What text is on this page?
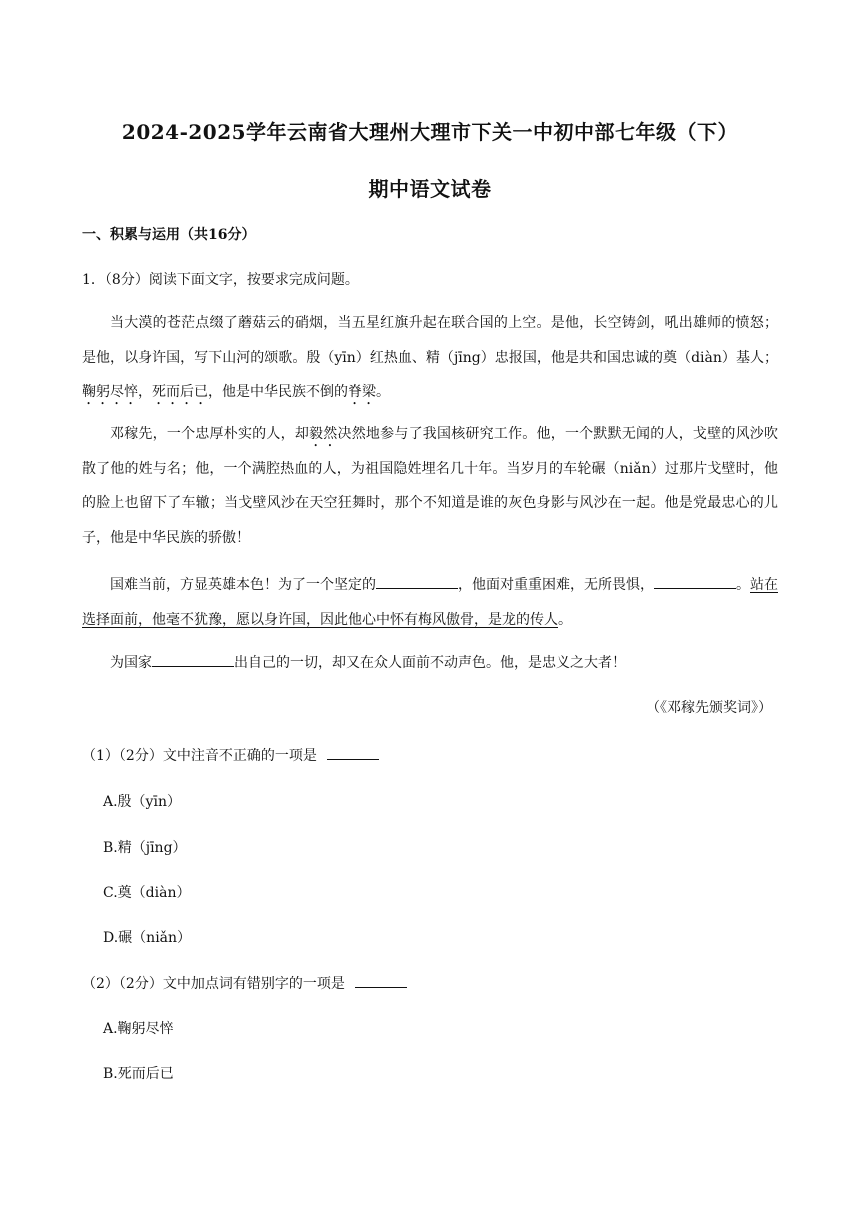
2024-2025学年云南省大理州大理市下关一中初中部七年级（下）
期中语文试卷
一、积累与运用（共16分）
1．（8分）阅读下面文字，按要求完成问题。
当大漠的苍茫点缀了蘑菇云的硝烟，当五星红旗升起在联合国的上空。是他，长空铸剑，吼出雄师的愤怒；是他，以身许国，写下山河的颂歌。殷（yīn）红热血、精（jīng）忠报国，他是共和国忠诚的奠（diàn）基人；鞠躬尽悴，死而后已，他是中华民族不倒的脊梁。
邓稼先，一个忠厚朴实的人，却毅然决然地参与了我国核研究工作。他，一个默默无闻的人，戈壁的风沙吹散了他的姓与名；他，一个满腔热血的人，为祖国隐姓埋名几十年。当岁月的车轮碾（niǎn）过那片戈壁时，他的脸上也留下了车辙；当戈壁风沙在天空狂舞时，那个不知道是谁的灰色身影与风沙在一起。他是党最忠心的儿子，他是中华民族的骄傲！
国难当前，方显英雄本色！为了一个坚定的	，他面对重重困难，无所畏惧，	。站在选择面前，他毫不犹豫，愿以身许国，因此他心中怀有梅风傲骨，是龙的传人。
为国家	出自己的一切，却又在众人面前不动声色。他，是忠义之大者！
（《邓稼先颁奖词》）
（1）（2分）文中注音不正确的一项是
A.殷（yīn）
B.精（jīng）
C.奠（diàn）
D.碾（niǎn）
（2）（2分）文中加点词有错别字的一项是
A.鞠躬尽悴
B.死而后已
